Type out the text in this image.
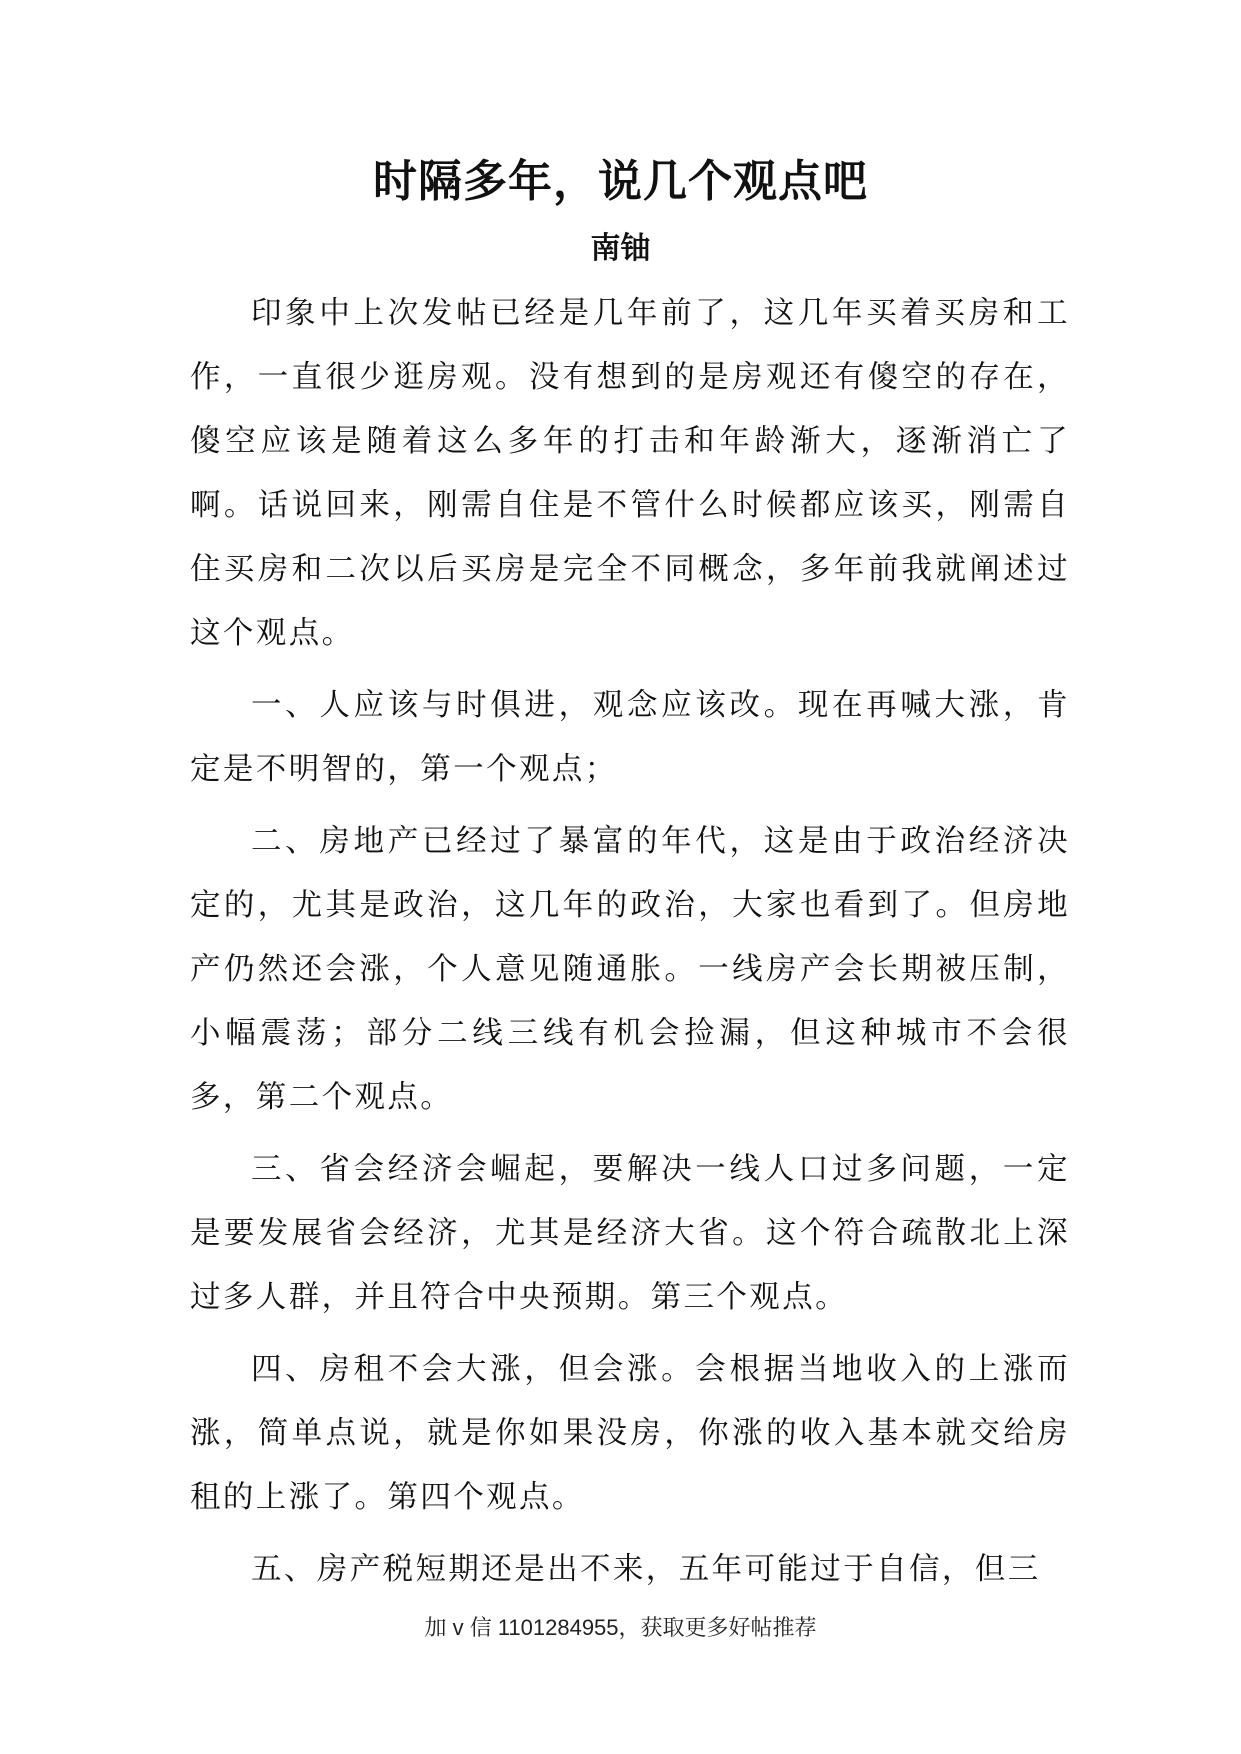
时隔多年，说几个观点吧
南铀

印象中上次发帖已经是几年前了，这几年买着买房和工作，一直很少逛房观。没有想到的是房观还有傻空的存在，傻空应该是随着这么多年的打击和年龄渐大，逐渐消亡了啊。话说回来，刚需自住是不管什么时候都应该买，刚需自住买房和二次以后买房是完全不同概念，多年前我就阐述过这个观点。

一、人应该与时俱进，观念应该改。现在再喊大涨，肯定是不明智的，第一个观点；

二、房地产已经过了暴富的年代，这是由于政治经济决定的，尤其是政治，这几年的政治，大家也看到了。但房地产仍然还会涨，个人意见随通胀。一线房产会长期被压制，小幅震荡；部分二线三线有机会捡漏，但这种城市不会很多，第二个观点。

三、省会经济会崛起，要解决一线人口过多问题，一定是要发展省会经济，尤其是经济大省。这个符合疏散北上深过多人群，并且符合中央预期。第三个观点。

四、房租不会大涨，但会涨。会根据当地收入的上涨而涨，简单点说，就是你如果没房，你涨的收入基本就交给房租的上涨了。第四个观点。

五、房产税短期还是出不来，五年可能过于自信，但三

加 v 信 1101284955，获取更多好帖推荐
